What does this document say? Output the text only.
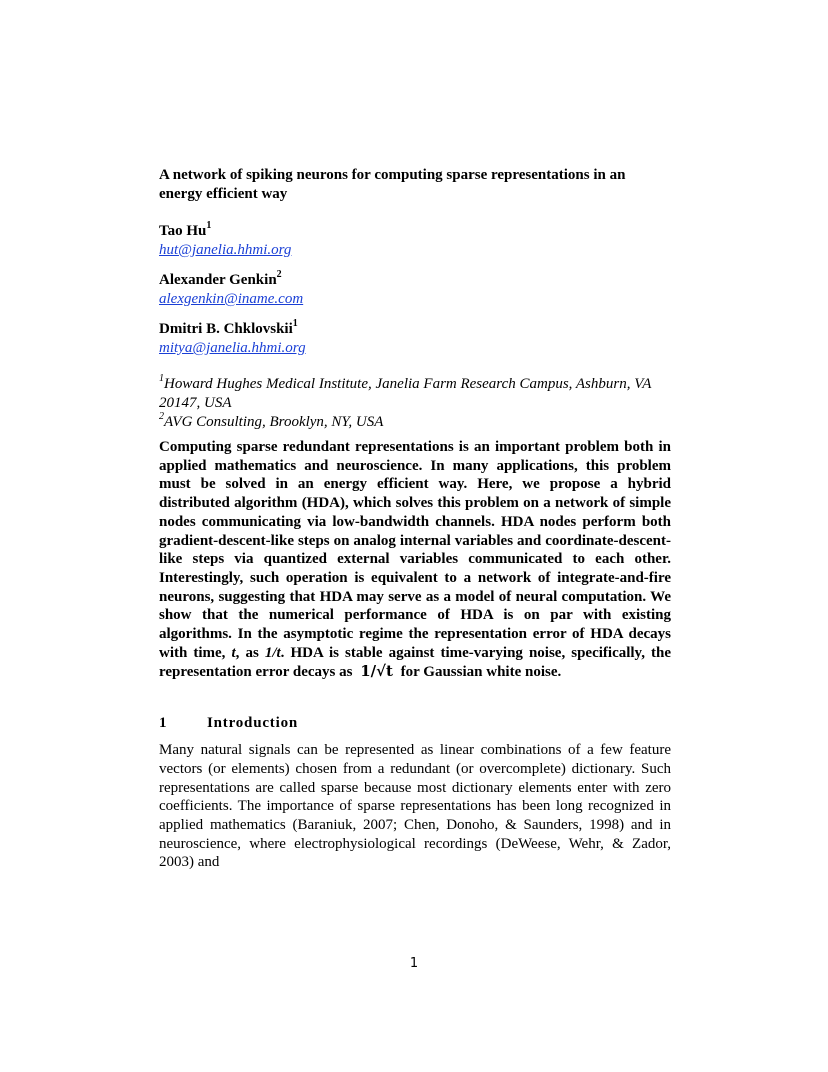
A network of spiking neurons for computing sparse representations in an energy efficient way

Tao Hu$^1$
hut@janelia.hhmi.org
Alexander Genkin$^2$
alexgenkin@iname.com
Dmitri B. Chklovskii$^1$
mitya@janelia.hhmi.org
$^1$Howard Hughes Medical Institute, Janelia Farm Research Campus, Ashburn, VA 20147, USA
$^2$AVG Consulting, Brooklyn, NY, USA

Computing sparse redundant representations is an important problem both in applied mathematics and neuroscience. In many applications, this problem must be solved in an energy efficient way. Here, we propose a hybrid distributed algorithm (HDA), which solves this problem on a network of simple nodes communicating via low-bandwidth channels. HDA nodes perform both gradient-descent-like steps on analog internal variables and coordinate-descent-like steps via quantized external variables communicated to each other. Interestingly, such operation is equivalent to a network of integrate-and-fire neurons, suggesting that HDA may serve as a model of neural computation. We show that the numerical performance of HDA is on par with existing algorithms. In the asymptotic regime the representation error of HDA decays with time, t, as 1/t. HDA is stable against time-varying noise, specifically, the representation error decays as 1/√t for Gaussian white noise.

1	Introduction

Many natural signals can be represented as linear combinations of a few feature vectors (or elements) chosen from a redundant (or overcomplete) dictionary. Such representations are called sparse because most dictionary elements enter with zero coefficients. The importance of sparse representations has been long recognized in applied mathematics (Baraniuk, 2007; Chen, Donoho, & Saunders, 1998) and in neuroscience, where electrophysiological recordings (DeWeese, Wehr, & Zador, 2003) and

1
